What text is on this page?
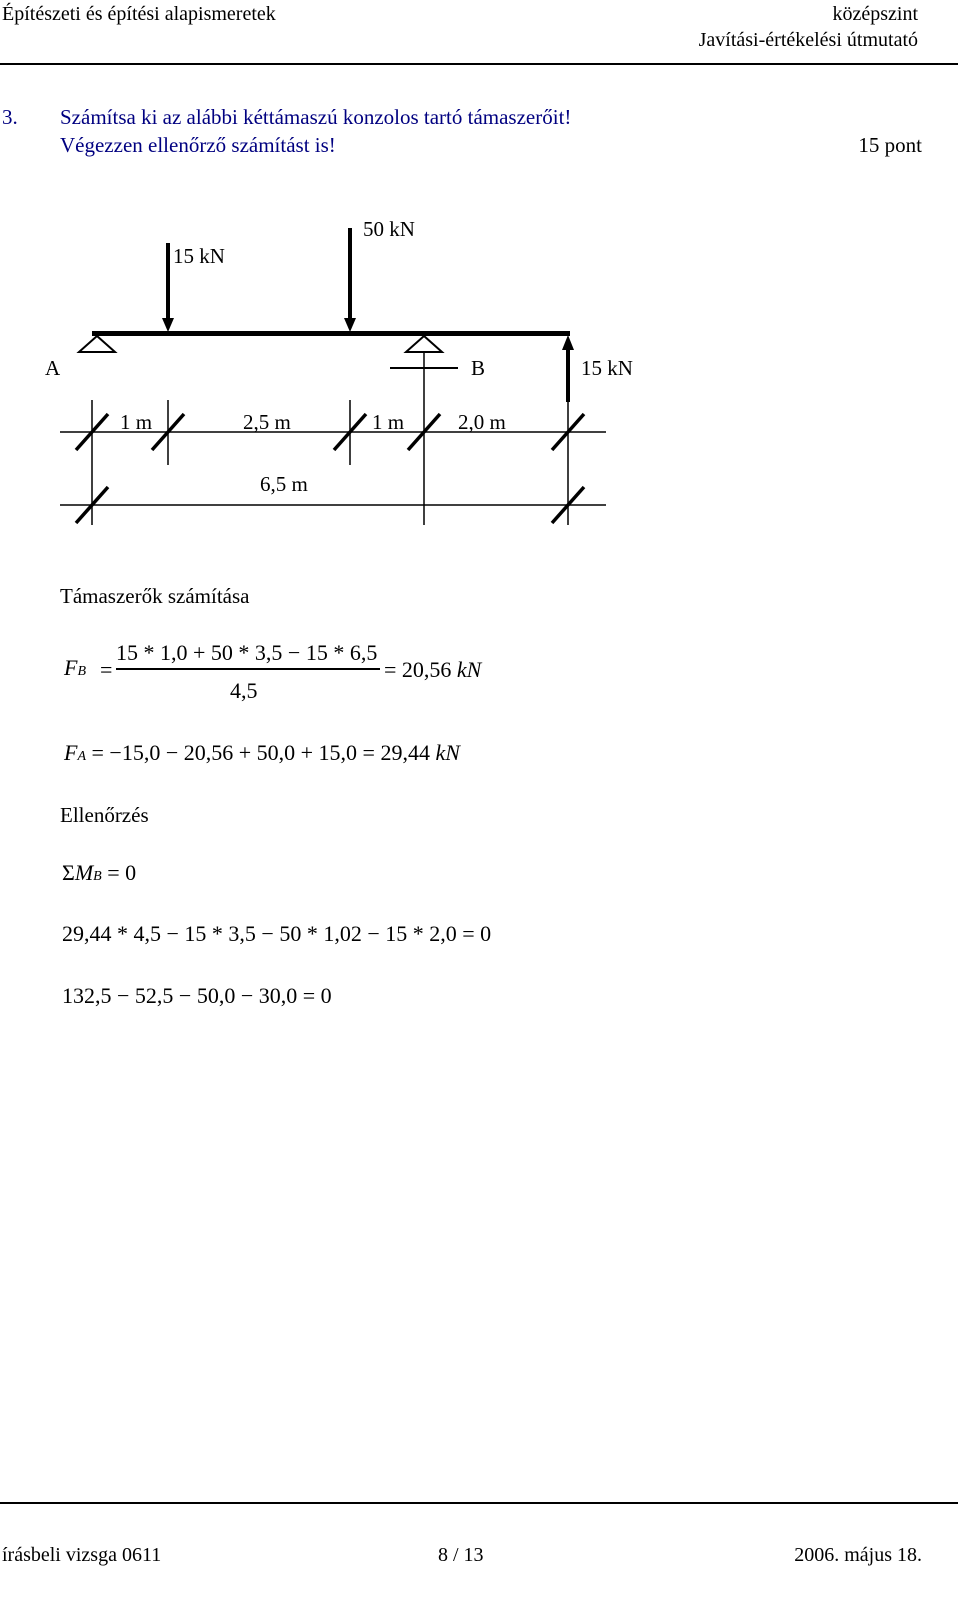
Építészeti és építési alapismeretek	középszint
Javítási-értékelési útmutató
3. Számítsa ki az alábbi kéttámaszú konzolos tartó támaszerőit!
Végezzen ellenőrző számítást is!	15 pont
15 kN
50 kN
A	B	15 kN
1 m	2,5 m	1 m	2,0 m
6,5 m
Támaszerők számítása
FB =
15 * 1,0 + 50 * 3,5 − 15 * 6,5
4,5
= 20,56 kN
FA = −15,0 − 20,56 + 50,0 + 15,0 = 29,44 kN
Ellenőrzés
ΣMB = 0
29,44 * 4,5 − 15 * 3,5 − 50 * 1,02 − 15 * 2,0 = 0
132,5 − 52,5 − 50,0 − 30,0 = 0
írásbeli vizsga 0611	8 / 13	2006. május 18.
